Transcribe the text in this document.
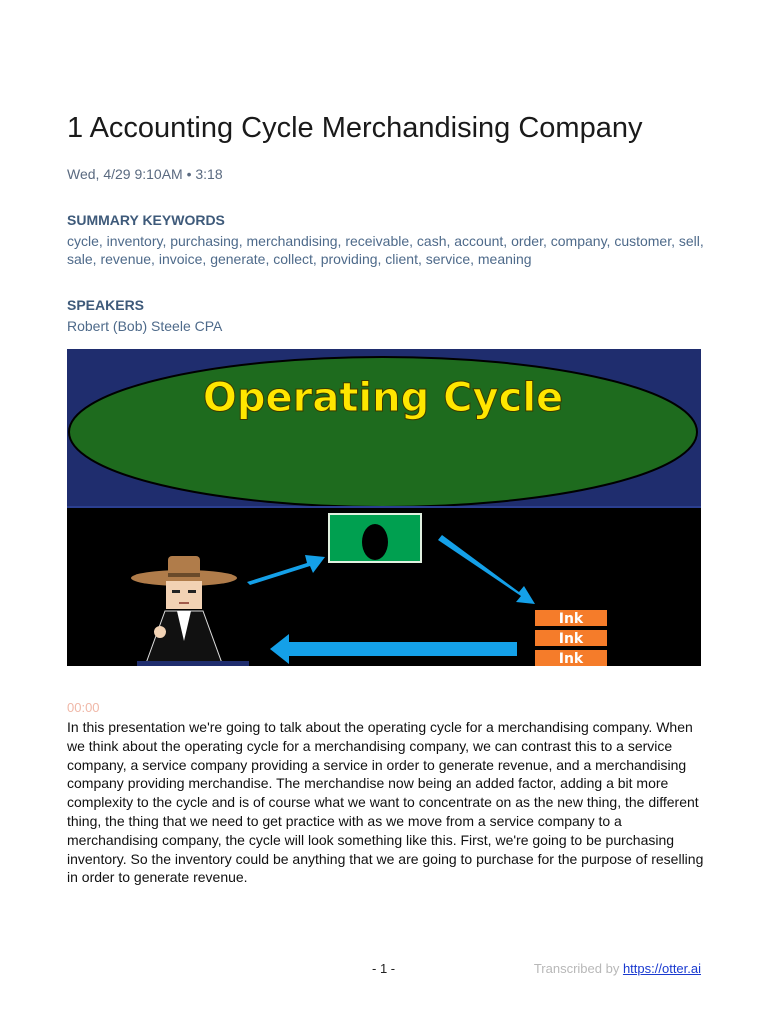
1 Accounting Cycle Merchandising Company
Wed, 4/29 9:10AM • 3:18
SUMMARY KEYWORDS
cycle, inventory, purchasing, merchandising, receivable, cash, account, order, company, customer, sell, sale, revenue, invoice, generate, collect, providing, client, service, meaning
SPEAKERS
Robert (Bob) Steele CPA
Operating Cycle
Ink
Ink
Ink
00:00

In this presentation we're going to talk about the operating cycle for a merchandising company. When we think about the operating cycle for a merchandising company, we can contrast this to a service company, a service company providing a service in order to generate revenue, and a merchandising company providing merchandise. The merchandise now being an added factor, adding a bit more complexity to the cycle and is of course what we want to concentrate on as the new thing, the different thing, the thing that we need to get practice with as we move from a service company to a merchandising company, the cycle will look something like this. First, we're going to be purchasing inventory. So the inventory could be anything that we are going to purchase for the purpose of reselling in order to generate revenue.

- 1 -	Transcribed by https://otter.ai
